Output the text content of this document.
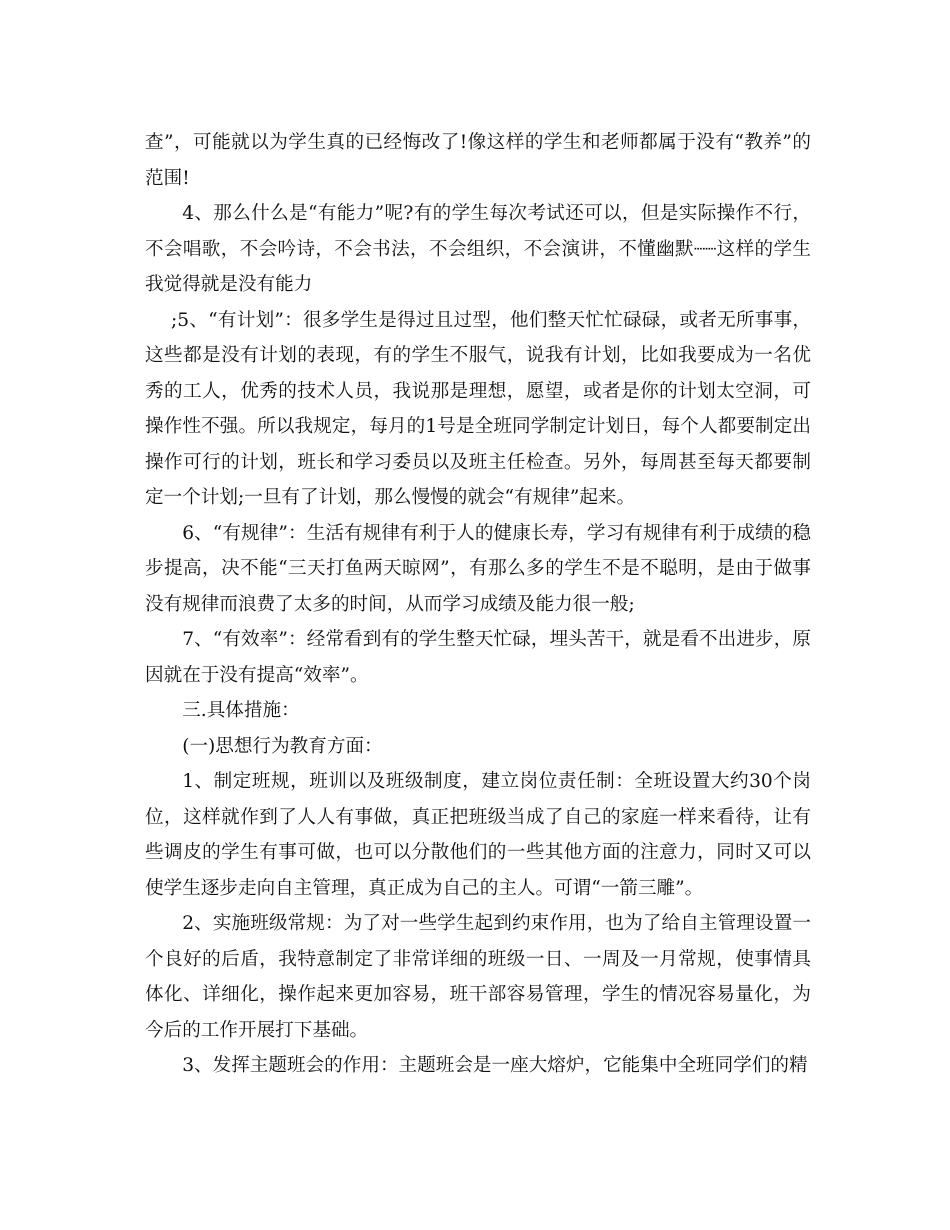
查”，可能就以为学生真的已经悔改了!像这样的学生和老师都属于没有“教养”的范围!

4、那么什么是“有能力”呢?有的学生每次考试还可以，但是实际操作不行，不会唱歌，不会吟诗，不会书法，不会组织，不会演讲，不懂幽默┈┈这样的学生我觉得就是没有能力

;5、“有计划”：很多学生是得过且过型，他们整天忙忙碌碌，或者无所事事，这些都是没有计划的表现，有的学生不服气，说我有计划，比如我要成为一名优秀的工人，优秀的技术人员，我说那是理想，愿望，或者是你的计划太空洞，可操作性不强。所以我规定，每月的1号是全班同学制定计划日，每个人都要制定出操作可行的计划，班长和学习委员以及班主任检查。另外，每周甚至每天都要制定一个计划;一旦有了计划，那么慢慢的就会“有规律”起来。

6、“有规律”：生活有规律有利于人的健康长寿，学习有规律有利于成绩的稳步提高，决不能“三天打鱼两天晾网”，有那么多的学生不是不聪明，是由于做事没有规律而浪费了太多的时间，从而学习成绩及能力很一般;

7、“有效率”：经常看到有的学生整天忙碌，埋头苦干，就是看不出进步，原因就在于没有提高“效率”。

三.具体措施：

(一)思想行为教育方面：

1、制定班规，班训以及班级制度，建立岗位责任制：全班设置大约30个岗位，这样就作到了人人有事做，真正把班级当成了自己的家庭一样来看待，让有些调皮的学生有事可做，也可以分散他们的一些其他方面的注意力，同时又可以使学生逐步走向自主管理，真正成为自己的主人。可谓“一箭三雕”。

2、实施班级常规：为了对一些学生起到约束作用，也为了给自主管理设置一个良好的后盾，我特意制定了非常详细的班级一日、一周及一月常规，使事情具体化、详细化，操作起来更加容易，班干部容易管理，学生的情况容易量化，为今后的工作开展打下基础。

3、发挥主题班会的作用：主题班会是一座大熔炉，它能集中全班同学们的精
